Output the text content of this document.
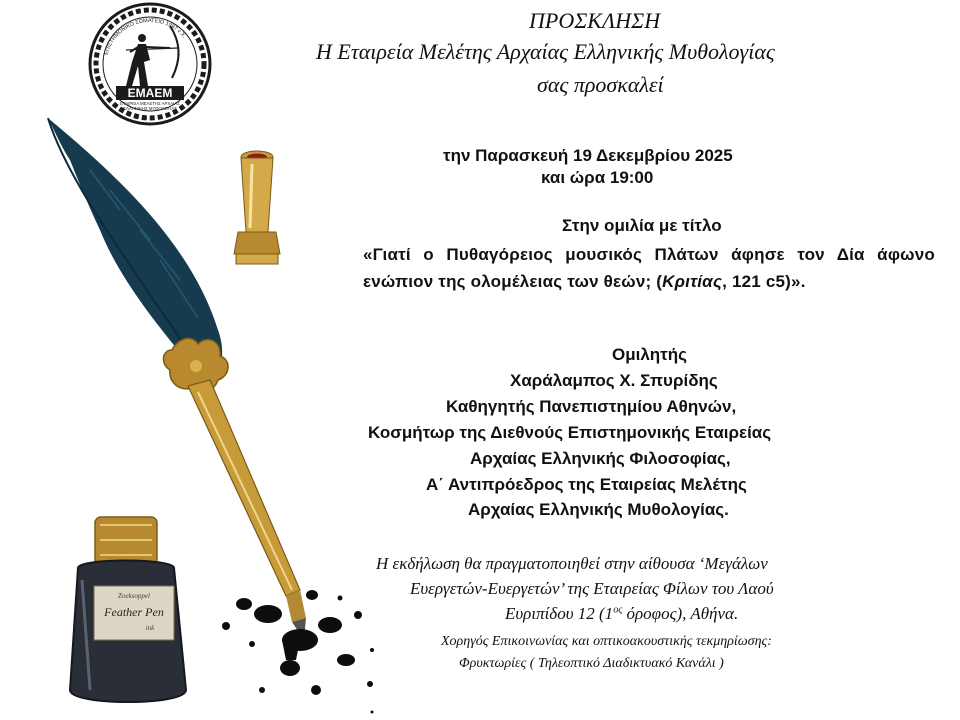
ΕΠΙΣΤΗΜΟΝΙΚΟ ΣΩΜΑΤΕΙΟ 1997 ν.Χ.
ΕΜΑΕΜ
ΕΤΑΙΡΕΙΑ ΜΕΛΕΤΗΣ ΑΡΧΑΙΑΣ
ΕΛΛΗΝΙΚΗΣ ΜΥΘΟΛΟΓΙΑΣ
Zoeksoppel
Feather Pen
ink
ΠΡΟΣΚΛΗΣΗ
Η Εταιρεία Μελέτης Αρχαίας Ελληνικής Μυθολογίας
σας προσκαλεί
την Παρασκευή 19 Δεκεμβρίου 2025
και ώρα 19:00
Στην ομιλία με τίτλο
«Γιατί ο Πυθαγόρειος μουσικός Πλάτων άφησε τον Δία άφωνο ενώπιον της ολομέλειας των θεών; (Κριτίας, 121 c5)».
Ομιλητής
Χαράλαμπος Χ. Σπυρίδης
Καθηγητής Πανεπιστημίου Αθηνών,
Κοσμήτωρ της Διεθνούς Επιστημονικής Εταιρείας
Αρχαίας Ελληνικής Φιλοσοφίας,
Α΄ Αντιπρόεδρος της Εταιρείας Μελέτης
Αρχαίας Ελληνικής Μυθολογίας.
Η εκδήλωση θα πραγματοποιηθεί στην αίθουσα ‘Μεγάλων
Ευεργετών-Ευεργετών’ της Εταιρείας Φίλων του Λαού
Ευριπίδου 12 ($1^{o\varsigma}$ όροφος), Αθήνα.
Χορηγός Επικοινωνίας και οπτικοακουστικής τεκμηρίωσης:
Φρυκτωρίες ( Τηλεοπτικό Διαδικτυακό Κανάλι )
